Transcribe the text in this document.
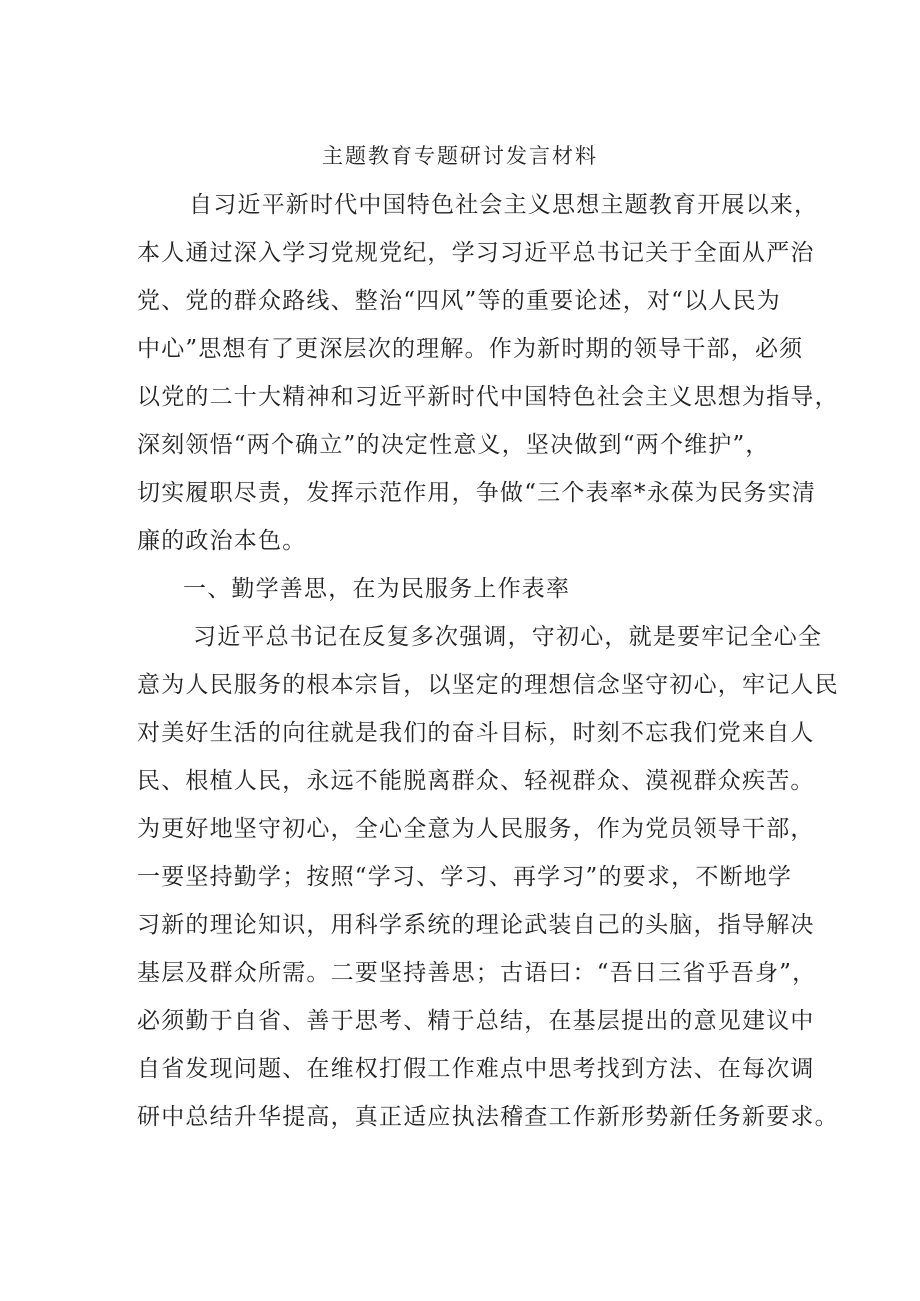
主题教育专题研讨发言材料
自习近平新时代中国特色社会主义思想主题教育开展以来，
本人通过深入学习党规党纪，学习习近平总书记关于全面从严治
党、党的群众路线、整治“四风”等的重要论述，对“以人民为
中心”思想有了更深层次的理解。作为新时期的领导干部，必须
以党的二十大精神和习近平新时代中国特色社会主义思想为指导，
深刻领悟“两个确立”的决定性意义，坚决做到“两个维护”，
切实履职尽责，发挥示范作用，争做“三个表率*永葆为民务实清
廉的政治本色。
一、勤学善思，在为民服务上作表率
习近平总书记在反复多次强调，守初心，就是要牢记全心全
意为人民服务的根本宗旨，以坚定的理想信念坚守初心，牢记人民
对美好生活的向往就是我们的奋斗目标，时刻不忘我们党来自人
民、根植人民，永远不能脱离群众、轻视群众、漠视群众疾苦。
为更好地坚守初心，全心全意为人民服务，作为党员领导干部，
一要坚持勤学；按照“学习、学习、再学习”的要求，不断地学
习新的理论知识，用科学系统的理论武装自己的头脑，指导解决
基层及群众所需。二要坚持善思；古语曰：“吾日三省乎吾身”，
必须勤于自省、善于思考、精于总结，在基层提出的意见建议中
自省发现问题、在维权打假工作难点中思考找到方法、在每次调
研中总结升华提高，真正适应执法稽查工作新形势新任务新要求。
